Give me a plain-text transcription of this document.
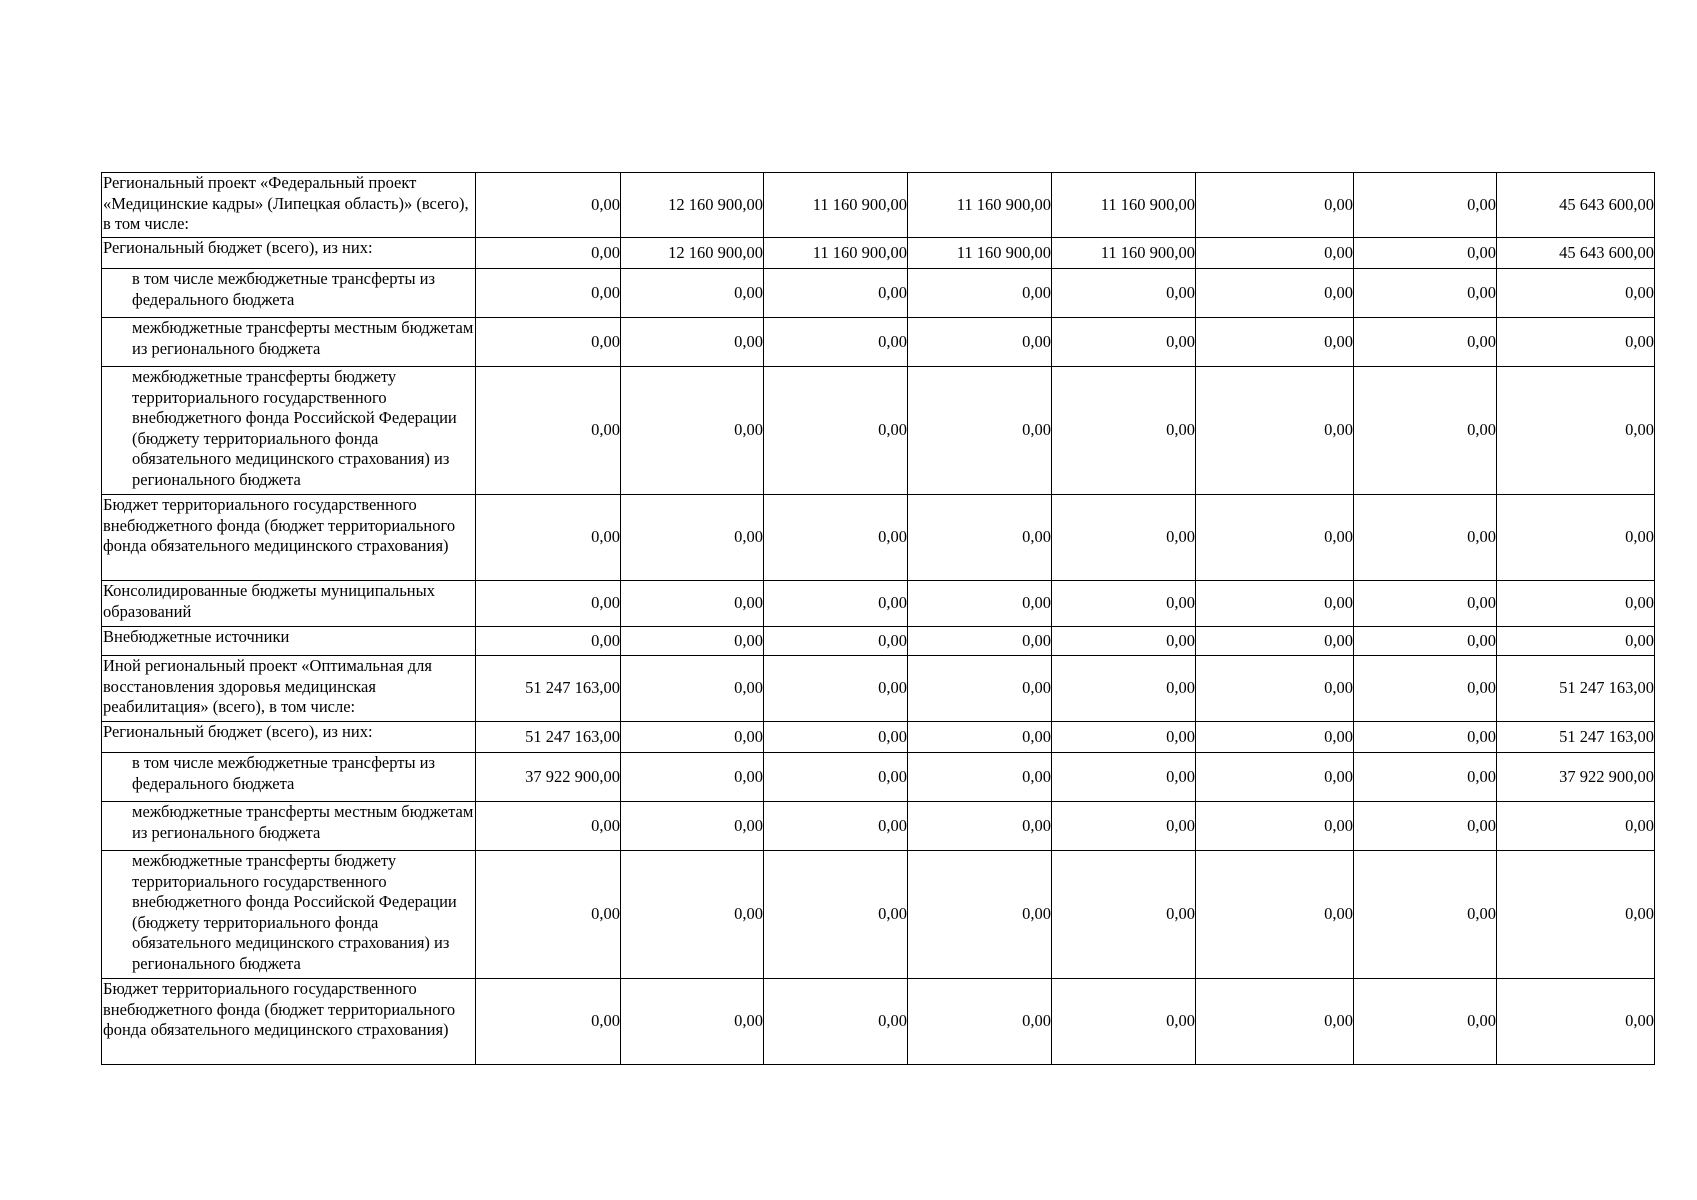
Региональный проект «Федеральный проект «Медицинские кадры» (Липецкая область)» (всего), в том числе:	0,00	12 160 900,00	11 160 900,00	11 160 900,00	11 160 900,00	0,00	0,00	45 643 600,00
Региональный бюджет (всего), из них:	0,00	12 160 900,00	11 160 900,00	11 160 900,00	11 160 900,00	0,00	0,00	45 643 600,00
в том числе межбюджетные трансферты из федерального бюджета	0,00	0,00	0,00	0,00	0,00	0,00	0,00	0,00
межбюджетные трансферты местным бюджетам из регионального бюджета	0,00	0,00	0,00	0,00	0,00	0,00	0,00	0,00
межбюджетные трансферты бюджету территориального государственного внебюджетного фонда Российской Федерации (бюджету территориального фонда обязательного медицинского страхования) из регионального бюджета	0,00	0,00	0,00	0,00	0,00	0,00	0,00	0,00
Бюджет территориального государственного внебюджетного фонда (бюджет территориального фонда обязательного медицинского страхования)	0,00	0,00	0,00	0,00	0,00	0,00	0,00	0,00
Консолидированные бюджеты муниципальных образований	0,00	0,00	0,00	0,00	0,00	0,00	0,00	0,00
Внебюджетные источники	0,00	0,00	0,00	0,00	0,00	0,00	0,00	0,00
Иной региональный проект «Оптимальная для восстановления здоровья медицинская реабилитация» (всего), в том числе:	51 247 163,00	0,00	0,00	0,00	0,00	0,00	0,00	51 247 163,00
Региональный бюджет (всего), из них:	51 247 163,00	0,00	0,00	0,00	0,00	0,00	0,00	51 247 163,00
в том числе межбюджетные трансферты из федерального бюджета	37 922 900,00	0,00	0,00	0,00	0,00	0,00	0,00	37 922 900,00
межбюджетные трансферты местным бюджетам из регионального бюджета	0,00	0,00	0,00	0,00	0,00	0,00	0,00	0,00
межбюджетные трансферты бюджету территориального государственного внебюджетного фонда Российской Федерации (бюджету территориального фонда обязательного медицинского страхования) из регионального бюджета	0,00	0,00	0,00	0,00	0,00	0,00	0,00	0,00
Бюджет территориального государственного внебюджетного фонда (бюджет территориального фонда обязательного медицинского страхования)	0,00	0,00	0,00	0,00	0,00	0,00	0,00	0,00
